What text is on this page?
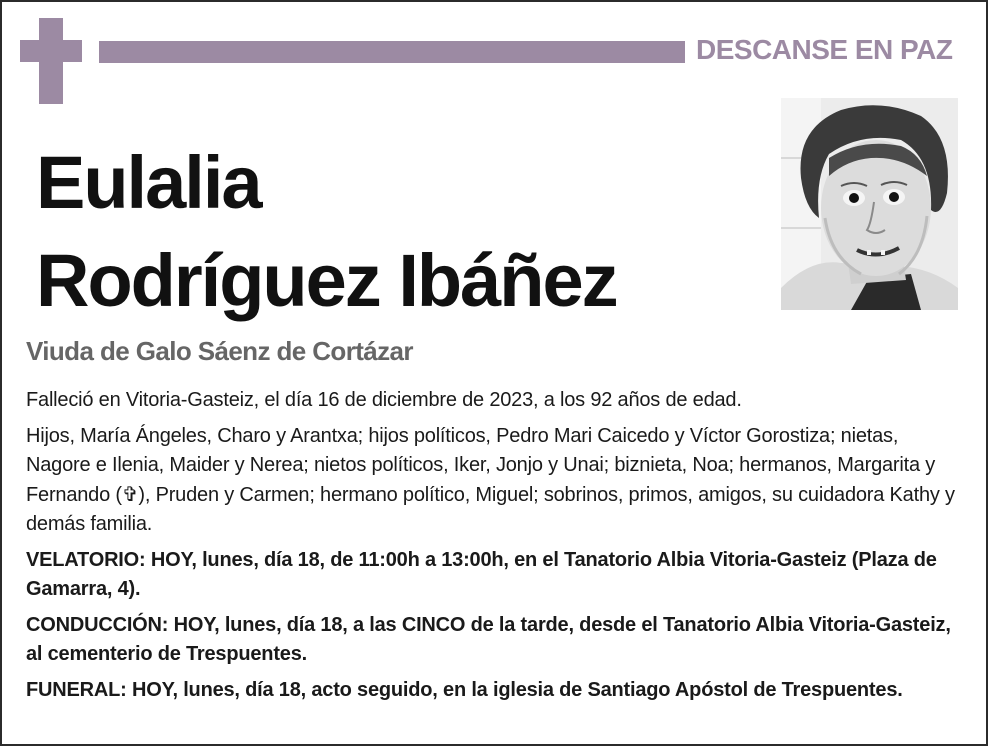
DESCANSE EN PAZ
Eulalia
Rodríguez Ibáñez
Viuda de Galo Sáenz de Cortázar

Falleció en Vitoria-Gasteiz, el día 16 de diciembre de 2023, a los 92 años de edad.

Hijos, María Ángeles, Charo y Arantxa; hijos políticos, Pedro Mari Caicedo y Víctor Gorostiza; nietas, Nagore e Ilenia, Maider y Nerea; nietos políticos, Iker, Jonjo y Unai; biznieta, Noa; hermanos, Margarita y Fernando (✞), Pruden y Carmen; hermano político, Miguel; sobrinos, primos, amigos, su cuidadora Kathy y demás familia.

VELATORIO: HOY, lunes, día 18, de 11:00h a 13:00h, en el Tanatorio Albia Vitoria-Gasteiz (Plaza de Gamarra, 4).

CONDUCCIÓN: HOY, lunes, día 18, a las CINCO de la tarde, desde el Tanatorio Albia Vitoria-Gasteiz, al cementerio de Trespuentes.

FUNERAL: HOY, lunes, día 18, acto seguido, en la iglesia de Santiago Apóstol de Trespuentes.
